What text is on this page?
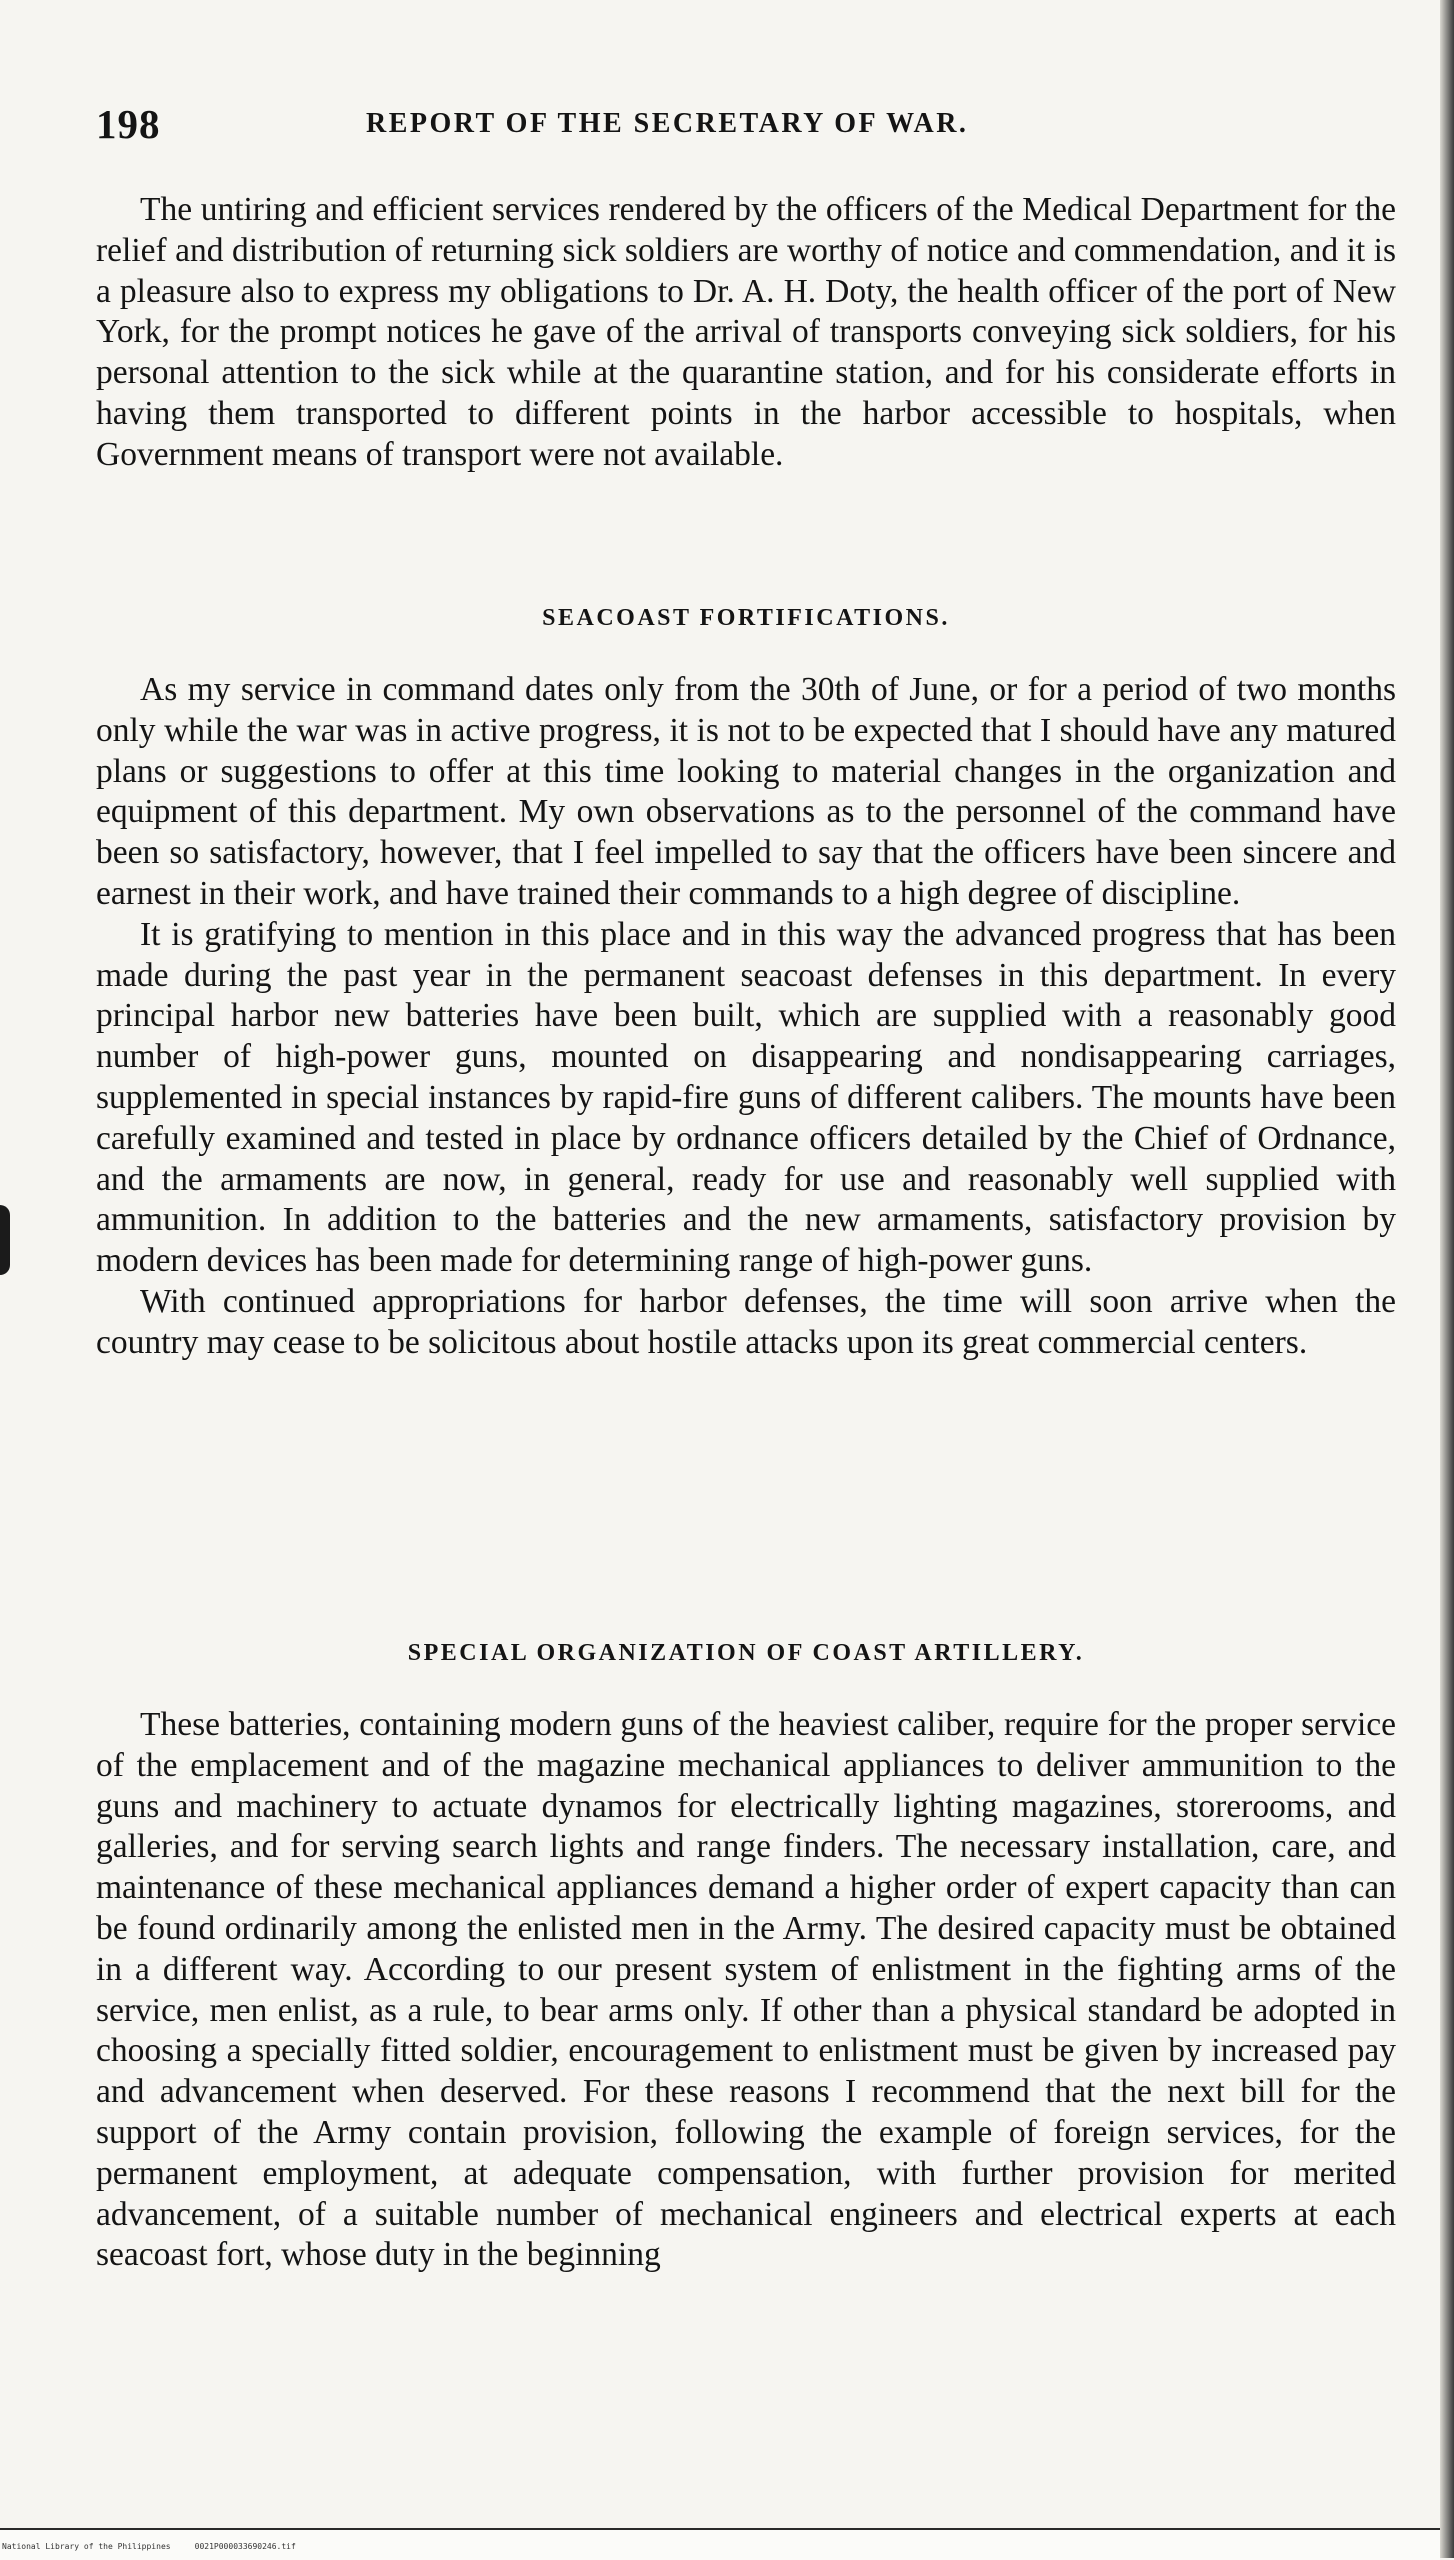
198	REPORT OF THE SECRETARY OF WAR.

The untiring and efficient services rendered by the officers of the Medical Department for the relief and distribution of returning sick soldiers are worthy of notice and commendation, and it is a pleasure also to express my obligations to Dr. A. H. Doty, the health officer of the port of New York, for the prompt notices he gave of the arrival of transports conveying sick soldiers, for his personal attention to the sick while at the quarantine station, and for his considerate efforts in having them transported to different points in the harbor accessible to hospitals, when Government means of transport were not available.

SEACOAST FORTIFICATIONS.

As my service in command dates only from the 30th of June, or for a period of two months only while the war was in active progress, it is not to be expected that I should have any matured plans or suggestions to offer at this time looking to material changes in the organization and equipment of this department. My own observations as to the personnel of the command have been so satisfactory, however, that I feel impelled to say that the officers have been sincere and earnest in their work, and have trained their commands to a high degree of discipline.

It is gratifying to mention in this place and in this way the advanced progress that has been made during the past year in the permanent seacoast defenses in this department. In every principal harbor new batteries have been built, which are supplied with a reasonably good number of high-power guns, mounted on disappearing and nondisappearing carriages, supplemented in special instances by rapid-fire guns of different calibers. The mounts have been carefully examined and tested in place by ordnance officers detailed by the Chief of Ordnance, and the armaments are now, in general, ready for use and reasonably well supplied with ammunition. In addition to the batteries and the new armaments, satisfactory provision by modern devices has been made for determining range of high-power guns.

With continued appropriations for harbor defenses, the time will soon arrive when the country may cease to be solicitous about hostile attacks upon its great commercial centers.

SPECIAL ORGANIZATION OF COAST ARTILLERY.

These batteries, containing modern guns of the heaviest caliber, require for the proper service of the emplacement and of the magazine mechanical appliances to deliver ammunition to the guns and machinery to actuate dynamos for electrically lighting magazines, storerooms, and galleries, and for serving search lights and range finders. The necessary installation, care, and maintenance of these mechanical appliances demand a higher order of expert capacity than can be found ordinarily among the enlisted men in the Army. The desired capacity must be obtained in a different way. According to our present system of enlistment in the fighting arms of the service, men enlist, as a rule, to bear arms only. If other than a physical standard be adopted in choosing a specially fitted soldier, encouragement to enlistment must be given by increased pay and advancement when deserved. For these reasons I recommend that the next bill for the support of the Army contain provision, following the example of foreign services, for the permanent employment, at adequate compensation, with further provision for merited advancement, of a suitable number of mechanical engineers and electrical experts at each seacoast fort, whose duty in the beginning

National Library of the Philippines     0021P000033690246.tif
